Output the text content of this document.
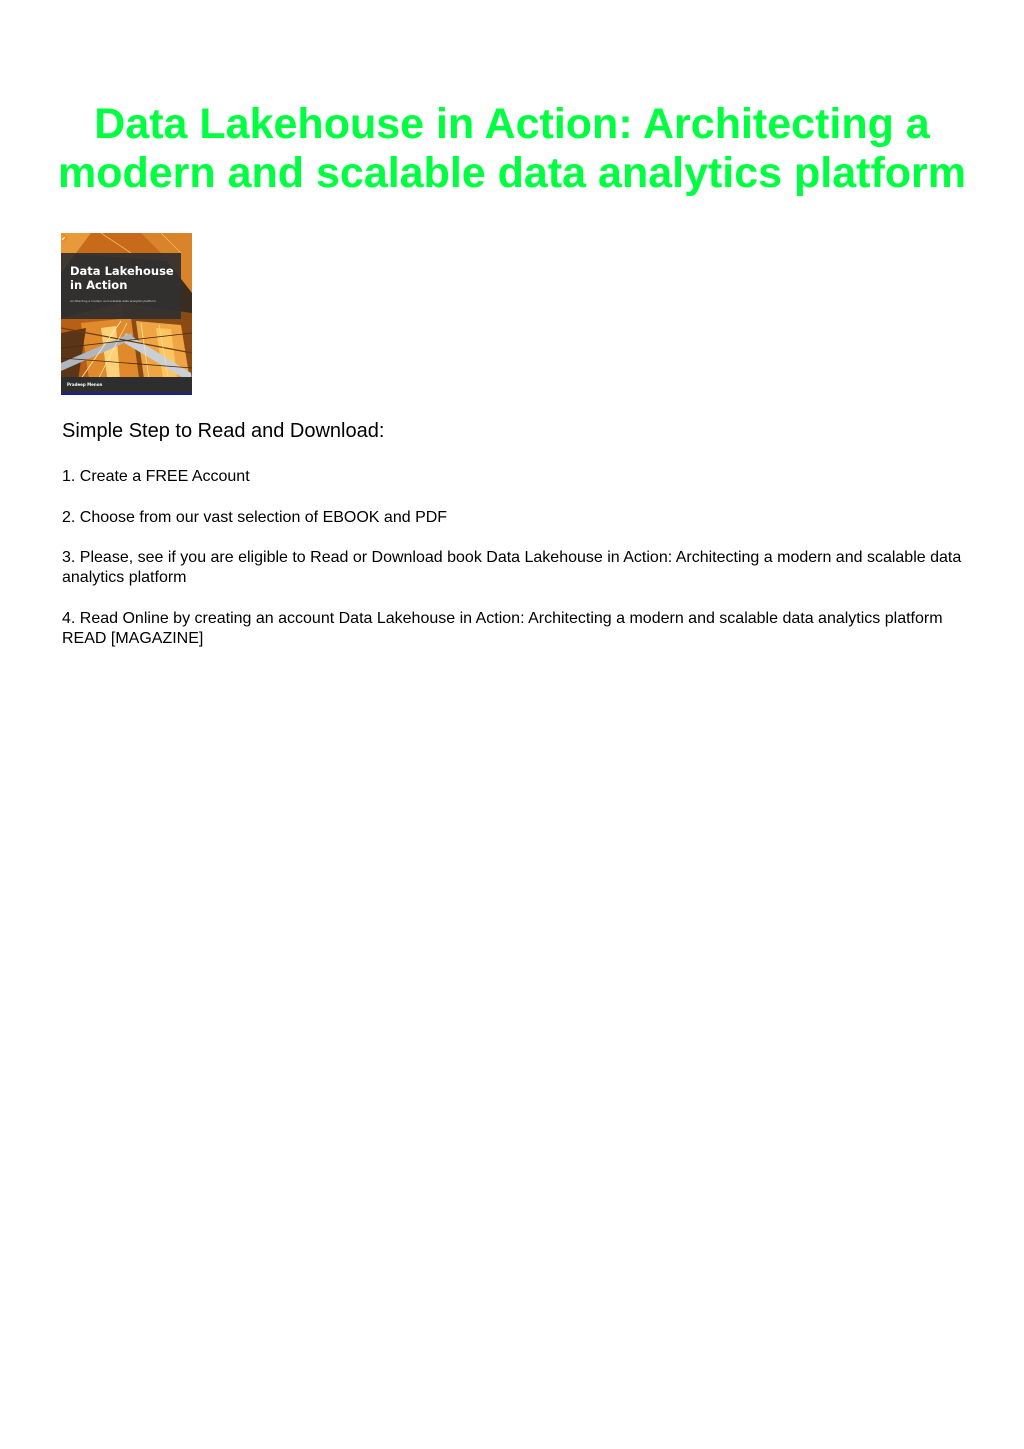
Data Lakehouse in Action: Architecting a modern and scalable data analytics platform
Data Lakehouse in Action
Architecting a modern and scalable data analytics platform
Pradeep Menon
Simple Step to Read and Download:

1. Create a FREE Account

2. Choose from our vast selection of EBOOK and PDF

3. Please, see if you are eligible to Read or Download book Data Lakehouse in Action: Architecting a modern and scalable data analytics platform

4. Read Online by creating an account Data Lakehouse in Action: Architecting a modern and scalable data analytics platform READ [MAGAZINE]
